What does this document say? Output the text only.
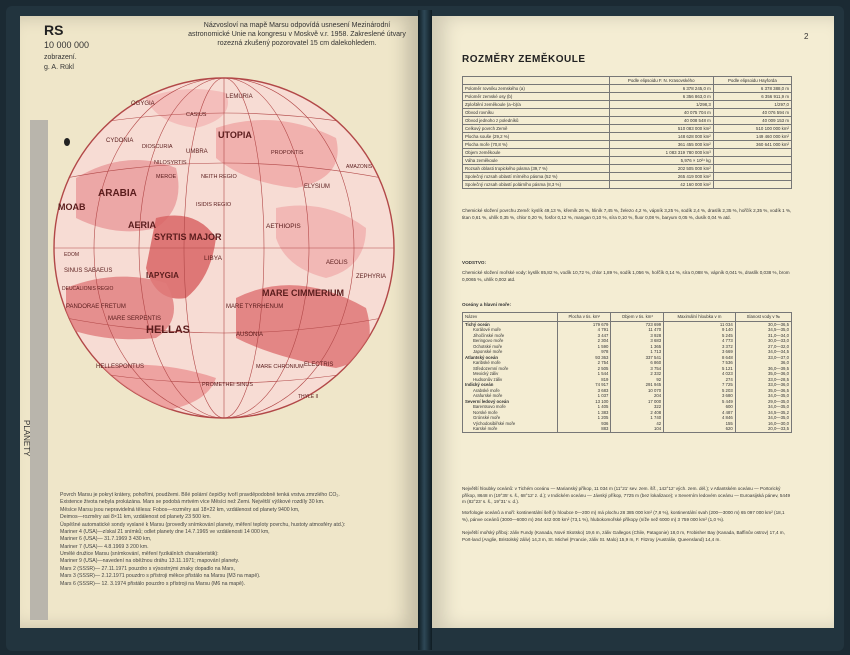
PLANETY
RS
10 000 000
zobrazení.
g. A. Rükl
Názvosloví na mapě Marsu odpovídá usnesení Mezinárodní astronomické Unie na kongresu v Moskvě v.r. 1958. Zakreslené útvary rozezná zkušený pozorovatel 15 cm dalekohledem.
OGYGIA
CYDONIA
LEMURIA
UTOPIA
AMAZONIS
MOAB
ARABIA
AERIA
SYRTIS MAJOR
ISIDIS REGIO
NEITH REGIO
ELYSIUM
AETHIOPIS
LIBYA
IAPYGIA
EDOM
SINUS SABAEUS
PANDORAE FRETUM
MARE SERPENTIS
HELLAS
MARE TYRRHENUM
MARE CIMMERIUM
AUSONIA
ELECTRIS
HELLESPONTUS
AEOLIS
ZEPHYRIA
PROMETHEI SINUS
MARE CHRONIUM
DEUCALIONIS REGIO
MEROE
UMBRA
CASIUS
DIOSCURIA
NILOSYRTIS
PROPONTIS
THYLE II
Povrch Marsu je pokryt krátery, pohořími, poudžemi. Bílé polární čepičky tvoří pravděpodobně tenká vrstva zmrzlého CO₂.
Existence života nebyla prokázána. Mars se podobá mrtvém více Měsíci než Zemi. Největší výškové rozdíly 30 km.
Měsíce Marsu jsou nepravidelná tělesa: Fobos—rozměry asi 18×22 km, vzdálenost od planety 9400 km,
Deimos—rozměry asi 8×11 km, vzdálenost od planety 23 500 km.
Úspěšné automatické sondy vyslané k Marsu (provedly snímkování planety, měření teploty povrchu, hustoty atmosféry atd.):
Mariner 4 (USA)—získal 21 snímků; odlet planety dne 14.7.1965 ve vzdálenosti 14 000 km,
Mariner 6 (USA)— 31.7.1969 3 430 km,
Mariner 7 (USA)— 4.8.1969 3 200 km.
Umělé družice Marsu (snímkování, měření fyzikálních charakteristik):
Mariner 9 (USA)—navedení na oběžnou dráhu 13.11.1971; mapování planety.
Mars 2 (SSSR)— 27.11.1971 pouzdro s výsostnými znaky dopadlo na Mars,
Mars 3 (SSSR)— 2.12.1971 pouzdro s přístroji měkce přistálo na Marsu (M3 na mapě).
Mars 6 (SSSR)— 12. 3.1974 přistálo pouzdro s přístroji na Marsu (M6 na mapě).
2
ROZMĚRY ZEMĚKOULE
	Podle elipsoidu F. N. Krasovského	Podle elipsoidu Hayforda
Poloměr rovníku zemského (a)	6 378 245,0 m	6 378 388,0 m
Poloměr zemské osy (b)	6 356 863,0 m	6 356 911,9 m
Zploštění zeměkoule (a−b)/a	1/298,3	1/297,0
Obvod rovníku	40 075 704 m	40 076 594 m
Obvod jednoho z poledníků	40 008 548 m	40 009 153 m
Celkový povrch Země	510 083 000 km²	510 100 000 km²
Plocha souše (29,2 %)	148 628 000 km²	149 460 000 km²
Plocha moře (70,8 %)	361 455 000 km²	360 641 000 km²
Objem zeměkoule	1 083 319 780 000 km³	
Váha zeměkoule	5,976 × 10²⁴ kg	
Rozsah oblasti tropického pásma (39,7 %)	202 505 000 km²	
Společný rozsah oblastí mírného pásma (52 %)	265 419 000 km²	
Společný rozsah oblastí polárního pásma (8,3 %)	42 160 000 km²	
Chemické složení povrchu Země: kyslík 49,13 %, křemík 26 %, hliník 7,45 %, železo 4,2 %, vápník 3,25 %, sodík 2,4 %, draslík 2,35 %, hořčík 2,35 %, vodík 1 %, titan 0,61 %, uhlík 0,35 %, chlor 0,20 %, fosfor 0,12 %, mangan 0,10 %, síra 0,10 %, fluor 0,08 %, baryum 0,05 %, dusík 0,04 % atd.
VODSTVO:
Chemické složení mořské vody: kyslík 85,82 %, vodík 10,72 %, chlor 1,89 %, sodík 1,056 %, hořčík 0,14 %, síra 0,088 %, vápník 0,041 %, draslík 0,038 %, brom 0,0065 %, uhlík 0,002 atd.
Oceány a hlavní moře:
Název	Plocha v tis. km²	Objem v tis. km³	Maximální hloubka v m	Slanost vody v ‰
Tichý oceán	179 679	723 699	11 034	30,0—36,5
Korálové moře	4 791	11 470	9 140	34,5—35,0
Jihočínské moře	3 447	3 928	5 245	31,0—34,0
Beringovo moře	2 304	3 683	4 773	30,0—33,0
Ochotské moře	1 590	1 365	3 372	27,0—32,0
Japonské moře	978	1 713	3 669	34,0—34,5
Atlantský oceán	93 363	337 541	8 648	33,0—37,0
Karibské moře	2 754	6 860	7 536	36,0
Středozemní moře	2 505	3 754	5 121	36,0—39,5
Mexický záliv	1 544	2 332	4 023	35,0—36,0
Hudsonův záliv	819	92	274	33,0—28,5
Indický oceán	74 917	291 945	7 725	33,0—36,0
Arabské moře	3 683	10 070	5 203	35,0—36,5
Arafurské moře	1 037	204	3 680	34,0—35,0
Severní ledový oceán	13 100	17 000	5 449	29,0—35,0
Barentsovo moře	1 405	322	600	34,0—35,0
Norské moře	1 383	2 408	4 487	34,5—35,2
Grónské moře	1 205	1 740	4 846	34,0—35,0
Východosibiřské moře	936	42	155	16,0—30,0
Karské moře	883	104	620	20,0—33,5
Největší hloubky oceánů: v Tichém oceánu — Marianský příkop, 11 034 m (11°21′ sev. zem. šíř., 142°12′ vých. zem. dél.); v Atlantském oceánu — Portorický příkop, 8648 m (19°35′ s. š., 68°12′ z. d.); v Indickém oceánu — Jávský příkop, 7725 m (bez lokalizace); v Severním ledovém oceánu — Euroasijská pánev, 5449 m (82°23′ s. š., 19°31′ v. d.).
Morfologie oceánů a moří: kontinentální šelf (v hloubce 0—200 m) má plochu 28 385 000 km² (7,8 %), kontinentální svah (200—3000 m) 65 097 000 km² (18,1 %), pánve oceánů (3000—6000 m) 264 442 000 km² (73,1 %), hlubokomořské příkopy (níže než 6000 m) 3 759 000 km² (1,0 %).
Největší mořský příboj: záliv Fundy (Kanada, Nové Skotsko) 19,6 m, záliv Gallegos (Chile, Patagonie) 18,0 m, Frobisher Bay (Kanada, Baffinův ostrov) 17,4 m, Port-land (Anglie, Bristolský záliv) 14,3 m, St. Michel (Francie, záliv St. Malo) 15,9 m, F. Fitzroy (Austrálie, Queensland) 14,4 m.
